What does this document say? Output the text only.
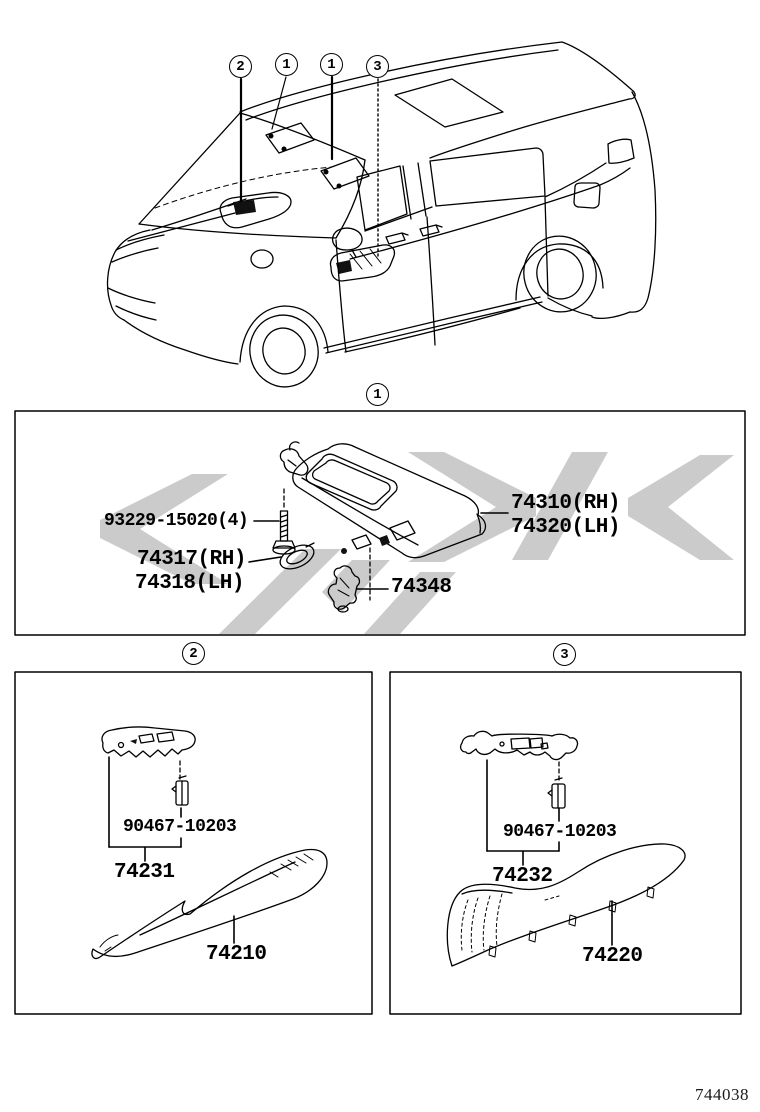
2	1	1	3
1
2	3
93229-15020(4)
74317(RH)
74318(LH)
74310(RH)
74320(LH)
74348
90467-10203
74231
74210
90467-10203
74232
74220
744038
